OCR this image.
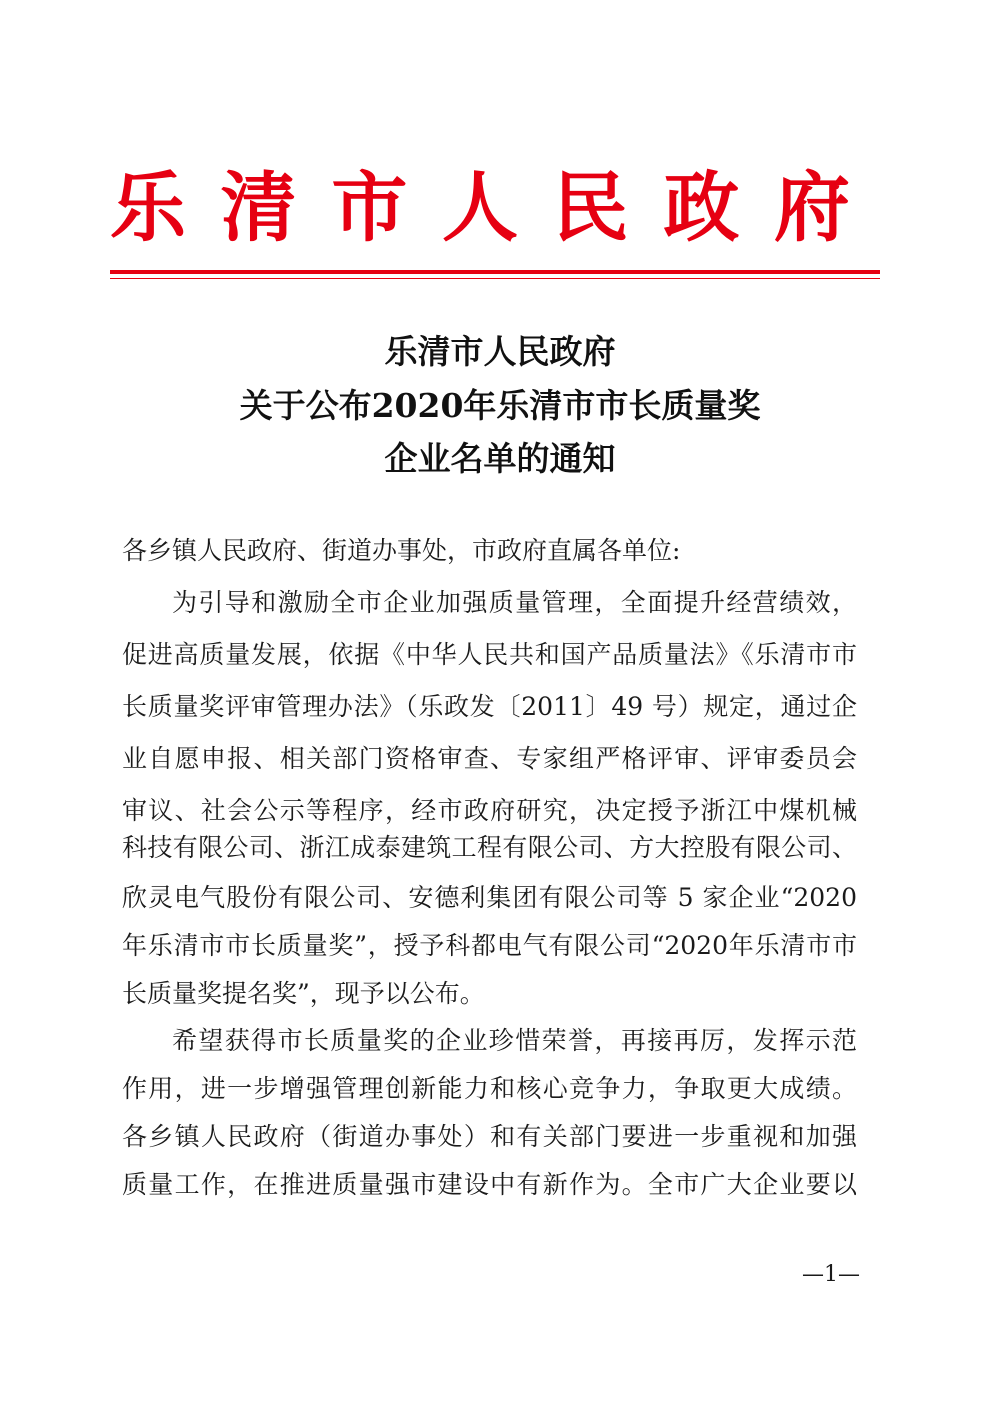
乐清市人民政府
乐清市人民政府
关于公布2020年乐清市市长质量奖
企业名单的通知
各乡镇人民政府、街道办事处，市政府直属各单位:
为引导和激励全市企业加强质量管理，全面提升经营绩效，
促进高质量发展，依据《中华人民共和国产品质量法》《乐清市市
长质量奖评审管理办法》（乐政发〔2011〕49 号）规定，通过企
业自愿申报、相关部门资格审查、专家组严格评审、评审委员会
审议、社会公示等程序，经市政府研究，决定授予浙江中煤机械
科技有限公司、浙江成泰建筑工程有限公司、方大控股有限公司、
欣灵电气股份有限公司、安德利集团有限公司等 5 家企业“2020
年乐清市市长质量奖”，授予科都电气有限公司“2020年乐清市市
长质量奖提名奖”，现予以公布。
希望获得市长质量奖的企业珍惜荣誉，再接再厉，发挥示范
作用，进一步增强管理创新能力和核心竞争力，争取更大成绩。
各乡镇人民政府（街道办事处）和有关部门要进一步重视和加强
质量工作，在推进质量强市建设中有新作为。全市广大企业要以
—1—
